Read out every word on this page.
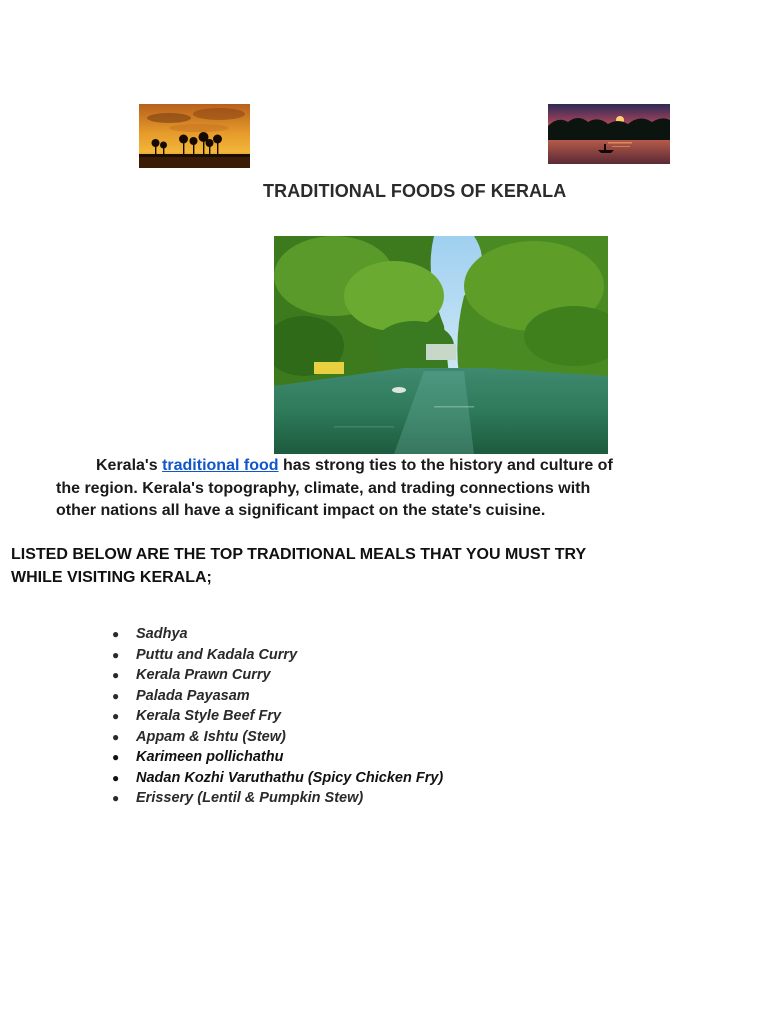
TRADITIONAL FOODS OF KERALA
Kerala's traditional food has strong ties to the history and culture of
the region. Kerala's topography, climate, and trading connections with
other nations all have a significant impact on the state's cuisine.
LISTED BELOW ARE THE TOP TRADITIONAL MEALS THAT YOU MUST TRY
WHILE VISITING KERALA;
● Sadhya
● Puttu and Kadala Curry
● Kerala Prawn Curry
● Palada Payasam
● Kerala Style Beef Fry
● Appam & Ishtu (Stew)
● Karimeen pollichathu
● Nadan Kozhi Varuthathu (Spicy Chicken Fry)
● Erissery (Lentil & Pumpkin Stew)
